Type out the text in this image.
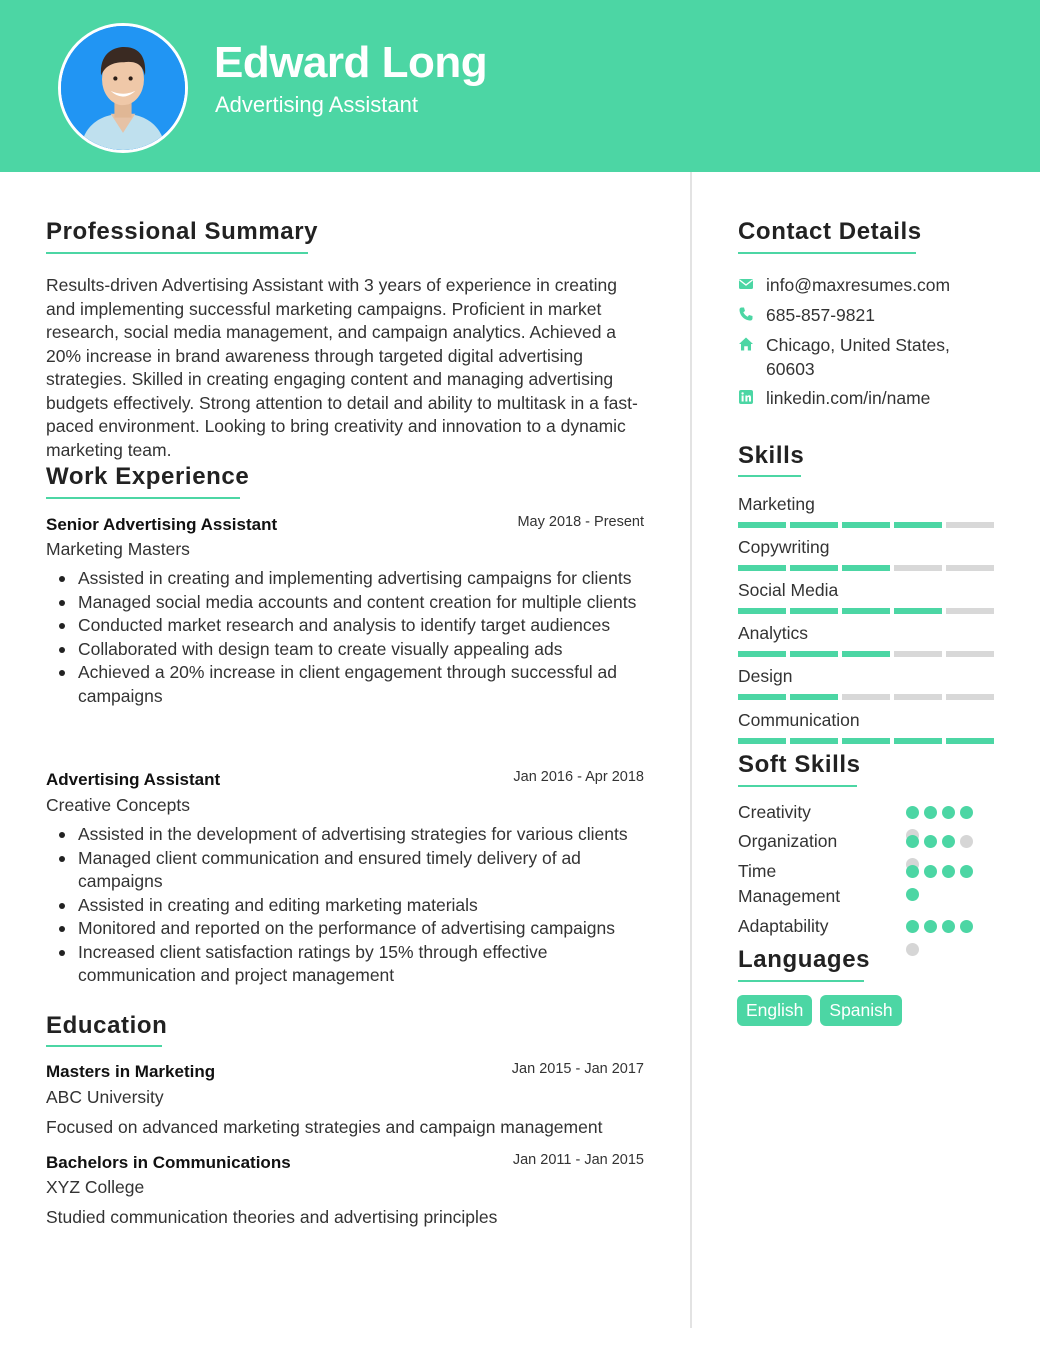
Edward Long
Advertising Assistant
Professional Summary

Results-driven Advertising Assistant with 3 years of experience in creating and implementing successful marketing campaigns. Proficient in market research, social media management, and campaign analytics. Achieved a 20% increase in brand awareness through targeted digital advertising strategies. Skilled in creating engaging content and managing advertising budgets effectively. Strong attention to detail and ability to multitask in a fast-paced environment. Looking to bring creativity and innovation to a dynamic marketing team.

Work Experience
Senior Advertising Assistant	May 2018 - Present
Marketing Masters
Assisted in creating and implementing advertising campaigns for clients
Managed social media accounts and content creation for multiple clients
Conducted market research and analysis to identify target audiences
Collaborated with design team to create visually appealing ads
Achieved a 20% increase in client engagement through successful ad campaigns
Advertising Assistant	Jan 2016 - Apr 2018
Creative Concepts
Assisted in the development of advertising strategies for various clients
Managed client communication and ensured timely delivery of ad campaigns
Assisted in creating and editing marketing materials
Monitored and reported on the performance of advertising campaigns
Increased client satisfaction ratings by 15% through effective communication and project management
Education
Masters in Marketing	Jan 2015 - Jan 2017
ABC University
Focused on advanced marketing strategies and campaign management
Bachelors in Communications	Jan 2011 - Jan 2015
XYZ College
Studied communication theories and advertising principles
Contact Details
info@maxresumes.com
685-857-9821
Chicago, United States, 60603
linkedin.com/in/name
Skills
Marketing
Copywriting
Social Media
Analytics
Design
Communication
Soft Skills
Creativity
Organization
Time Management
Adaptability
Languages
English	Spanish
